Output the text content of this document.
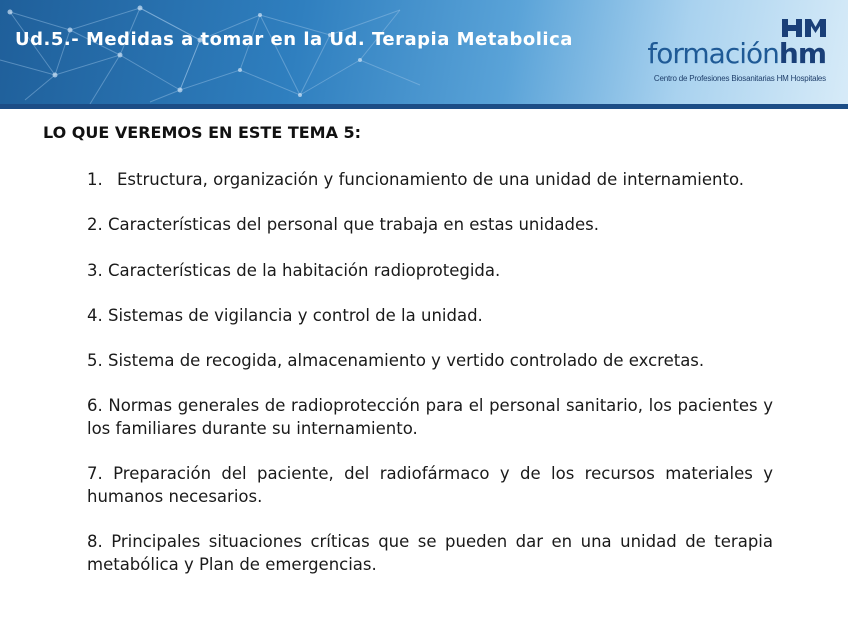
Ud.5.- Medidas a tomar en la Ud. Terapia Metabolica	formaciónhm
Centro de Profesiones Biosanitarias HM Hospitales
LO QUE VEREMOS EN ESTE TEMA 5:
1. Estructura, organización y funcionamiento de una unidad de internamiento.
2. Características del personal que trabaja en estas unidades.
3. Características de la habitación radioprotegida.
4. Sistemas de vigilancia y control de la unidad.
5. Sistema de recogida, almacenamiento y vertido controlado de excretas.
6. Normas generales de radioprotección para el personal sanitario, los pacientes y los familiares durante su internamiento.
7. Preparación del paciente, del radiofármaco y de los recursos materiales y humanos necesarios.
8. Principales situaciones críticas que se pueden dar en una unidad de terapia metabólica y Plan de emergencias.
